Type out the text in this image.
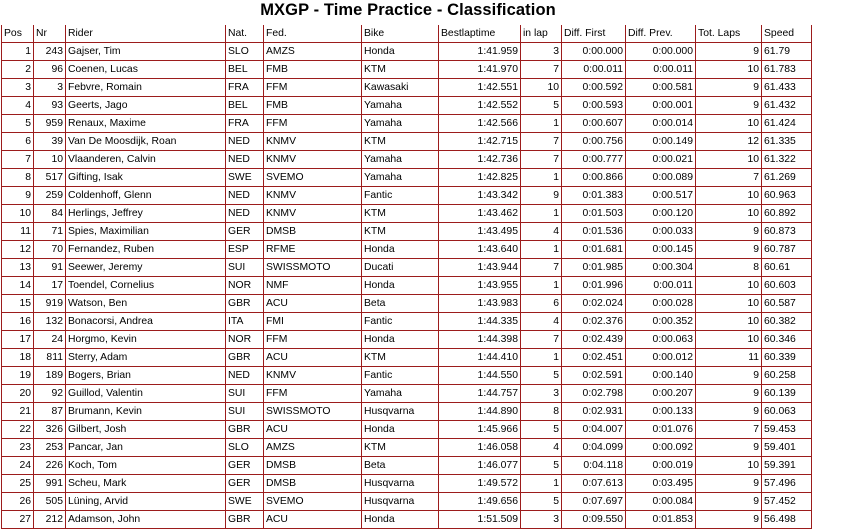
MXGP - Time Practice - Classification
Pos	Nr	Rider	Nat.	Fed.	Bike	Bestlaptime	in lap	Diff. First	Diff. Prev.	Tot. Laps	Speed
1	243	Gajser, Tim	SLO	AMZS	Honda	1:41.959	3	0:00.000	0:00.000	9	61.79
2	96	Coenen, Lucas	BEL	FMB	KTM	1:41.970	7	0:00.011	0:00.011	10	61.783
3	3	Febvre, Romain	FRA	FFM	Kawasaki	1:42.551	10	0:00.592	0:00.581	9	61.433
4	93	Geerts, Jago	BEL	FMB	Yamaha	1:42.552	5	0:00.593	0:00.001	9	61.432
5	959	Renaux, Maxime	FRA	FFM	Yamaha	1:42.566	1	0:00.607	0:00.014	10	61.424
6	39	Van De Moosdijk, Roan	NED	KNMV	KTM	1:42.715	7	0:00.756	0:00.149	12	61.335
7	10	Vlaanderen, Calvin	NED	KNMV	Yamaha	1:42.736	7	0:00.777	0:00.021	10	61.322
8	517	Gifting, Isak	SWE	SVEMO	Yamaha	1:42.825	1	0:00.866	0:00.089	7	61.269
9	259	Coldenhoff, Glenn	NED	KNMV	Fantic	1:43.342	9	0:01.383	0:00.517	10	60.963
10	84	Herlings, Jeffrey	NED	KNMV	KTM	1:43.462	1	0:01.503	0:00.120	10	60.892
11	71	Spies, Maximilian	GER	DMSB	KTM	1:43.495	4	0:01.536	0:00.033	9	60.873
12	70	Fernandez, Ruben	ESP	RFME	Honda	1:43.640	1	0:01.681	0:00.145	9	60.787
13	91	Seewer, Jeremy	SUI	SWISSMOTO	Ducati	1:43.944	7	0:01.985	0:00.304	8	60.61
14	17	Toendel, Cornelius	NOR	NMF	Honda	1:43.955	1	0:01.996	0:00.011	10	60.603
15	919	Watson, Ben	GBR	ACU	Beta	1:43.983	6	0:02.024	0:00.028	10	60.587
16	132	Bonacorsi, Andrea	ITA	FMI	Fantic	1:44.335	4	0:02.376	0:00.352	10	60.382
17	24	Horgmo, Kevin	NOR	FFM	Honda	1:44.398	7	0:02.439	0:00.063	10	60.346
18	811	Sterry, Adam	GBR	ACU	KTM	1:44.410	1	0:02.451	0:00.012	11	60.339
19	189	Bogers, Brian	NED	KNMV	Fantic	1:44.550	5	0:02.591	0:00.140	9	60.258
20	92	Guillod, Valentin	SUI	FFM	Yamaha	1:44.757	3	0:02.798	0:00.207	9	60.139
21	87	Brumann, Kevin	SUI	SWISSMOTO	Husqvarna	1:44.890	8	0:02.931	0:00.133	9	60.063
22	326	Gilbert, Josh	GBR	ACU	Honda	1:45.966	5	0:04.007	0:01.076	7	59.453
23	253	Pancar, Jan	SLO	AMZS	KTM	1:46.058	4	0:04.099	0:00.092	9	59.401
24	226	Koch, Tom	GER	DMSB	Beta	1:46.077	5	0:04.118	0:00.019	10	59.391
25	991	Scheu, Mark	GER	DMSB	Husqvarna	1:49.572	1	0:07.613	0:03.495	9	57.496
26	505	Lüning, Arvid	SWE	SVEMO	Husqvarna	1:49.656	5	0:07.697	0:00.084	9	57.452
27	212	Adamson, John	GBR	ACU	Honda	1:51.509	3	0:09.550	0:01.853	9	56.498
